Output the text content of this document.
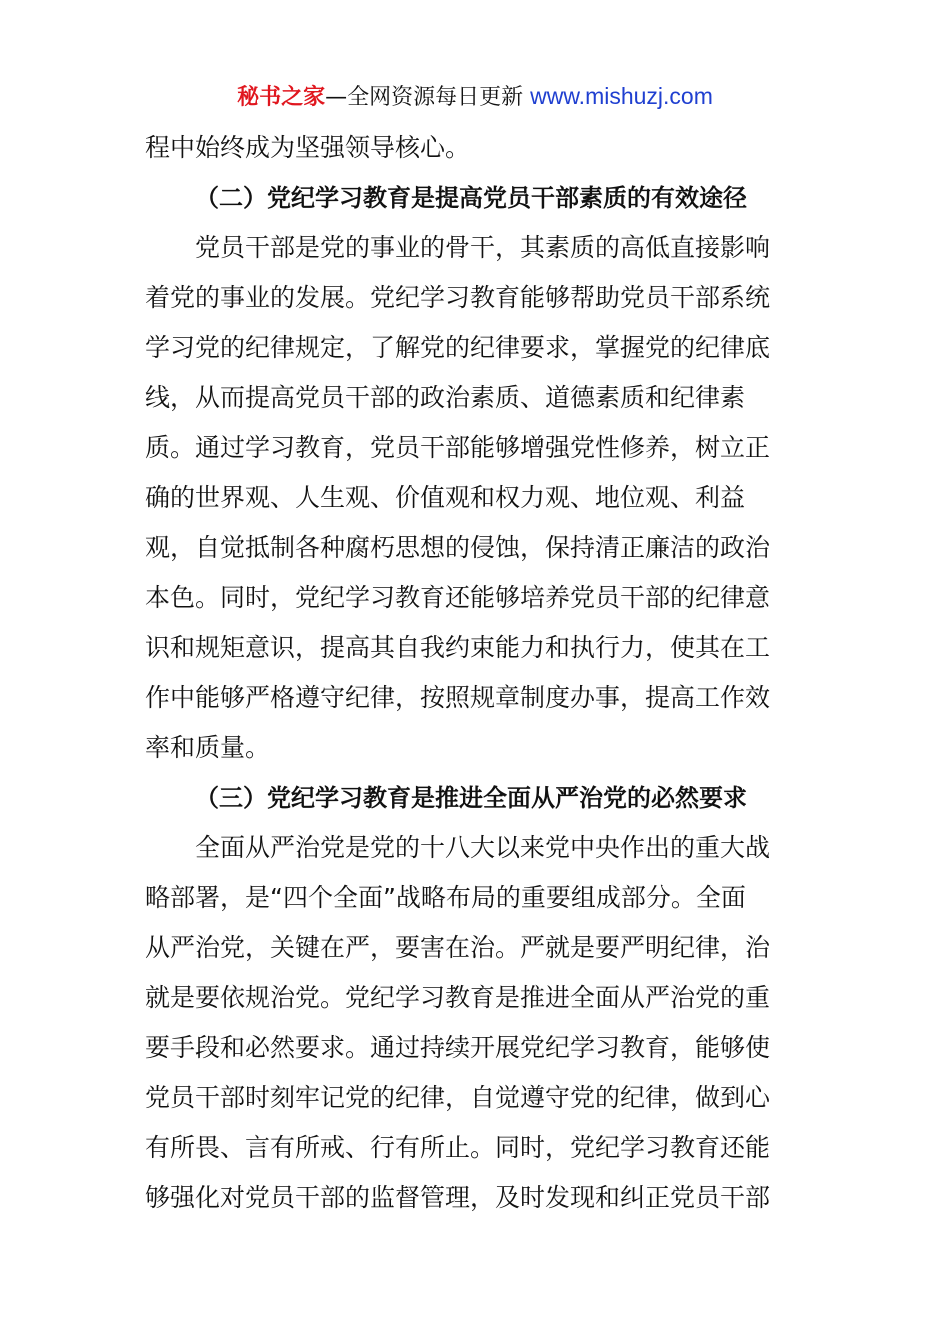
秘书之家—全网资源每日更新 www.mishuzj.com
程中始终成为坚强领导核心。
（二）党纪学习教育是提高党员干部素质的有效途径
党员干部是党的事业的骨干，其素质的高低直接影响
着党的事业的发展。党纪学习教育能够帮助党员干部系统
学习党的纪律规定，了解党的纪律要求，掌握党的纪律底
线，从而提高党员干部的政治素质、道德素质和纪律素
质。通过学习教育，党员干部能够增强党性修养，树立正
确的世界观、人生观、价值观和权力观、地位观、利益
观，自觉抵制各种腐朽思想的侵蚀，保持清正廉洁的政治
本色。同时，党纪学习教育还能够培养党员干部的纪律意
识和规矩意识，提高其自我约束能力和执行力，使其在工
作中能够严格遵守纪律，按照规章制度办事，提高工作效
率和质量。
（三）党纪学习教育是推进全面从严治党的必然要求
全面从严治党是党的十八大以来党中央作出的重大战
略部署，是“四个全面”战略布局的重要组成部分。全面
从严治党，关键在严，要害在治。严就是要严明纪律，治
就是要依规治党。党纪学习教育是推进全面从严治党的重
要手段和必然要求。通过持续开展党纪学习教育，能够使
党员干部时刻牢记党的纪律，自觉遵守党的纪律，做到心
有所畏、言有所戒、行有所止。同时，党纪学习教育还能
够强化对党员干部的监督管理，及时发现和纠正党员干部
